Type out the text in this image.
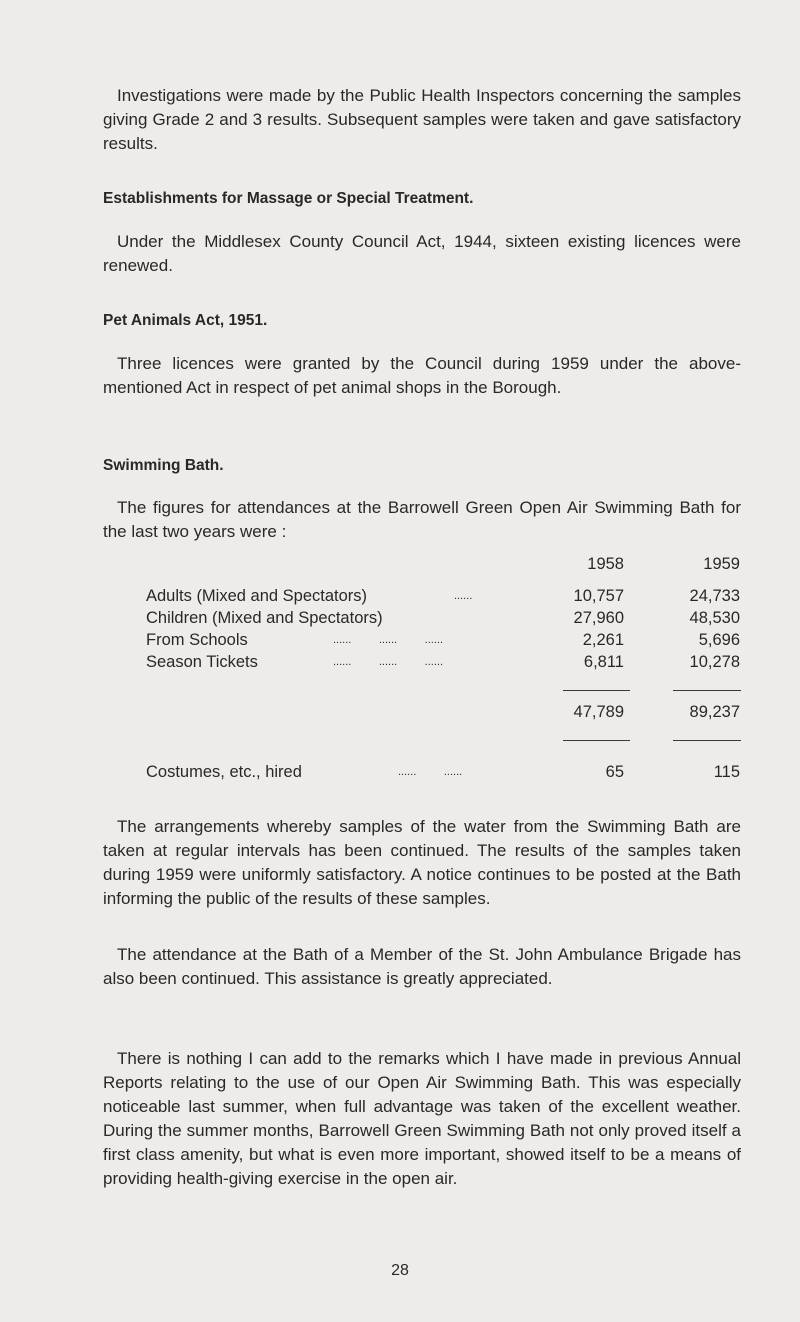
Investigations were made by the Public Health Inspectors concerning the samples giving Grade 2 and 3 results. Subsequent samples were taken and gave satisfactory results.

Establishments for Massage or Special Treatment.

Under the Middlesex County Council Act, 1944, sixteen existing licences were renewed.

Pet Animals Act, 1951.

Three licences were granted by the Council during 1959 under the above-mentioned Act in respect of pet animal shops in the Borough.

Swimming Bath.

The figures for attendances at the Barrowell Green Open Air Swimming Bath for the last two years were :

1958	1959
Adults (Mixed and Spectators)	......	10,757	24,733
Children (Mixed and Spectators)	27,960	48,530
From Schools	......         ......         ......	2,261	5,696
Season Tickets	......         ......         ......	6,811	10,278
47,789	89,237
Costumes, etc., hired	......         ......	65	115

The arrangements whereby samples of the water from the Swimming Bath are taken at regular intervals has been continued. The results of the samples taken during 1959 were uniformly satisfactory. A notice continues to be posted at the Bath informing the public of the results of these samples.

The attendance at the Bath of a Member of the St. John Ambulance Brigade has also been continued. This assistance is greatly appreciated.

There is nothing I can add to the remarks which I have made in previous Annual Reports relating to the use of our Open Air Swimming Bath. This was especially noticeable last summer, when full advantage was taken of the excellent weather. During the summer months, Barrowell Green Swimming Bath not only proved itself a first class amenity, but what is even more important, showed itself to be a means of providing health-giving exercise in the open air.

28
